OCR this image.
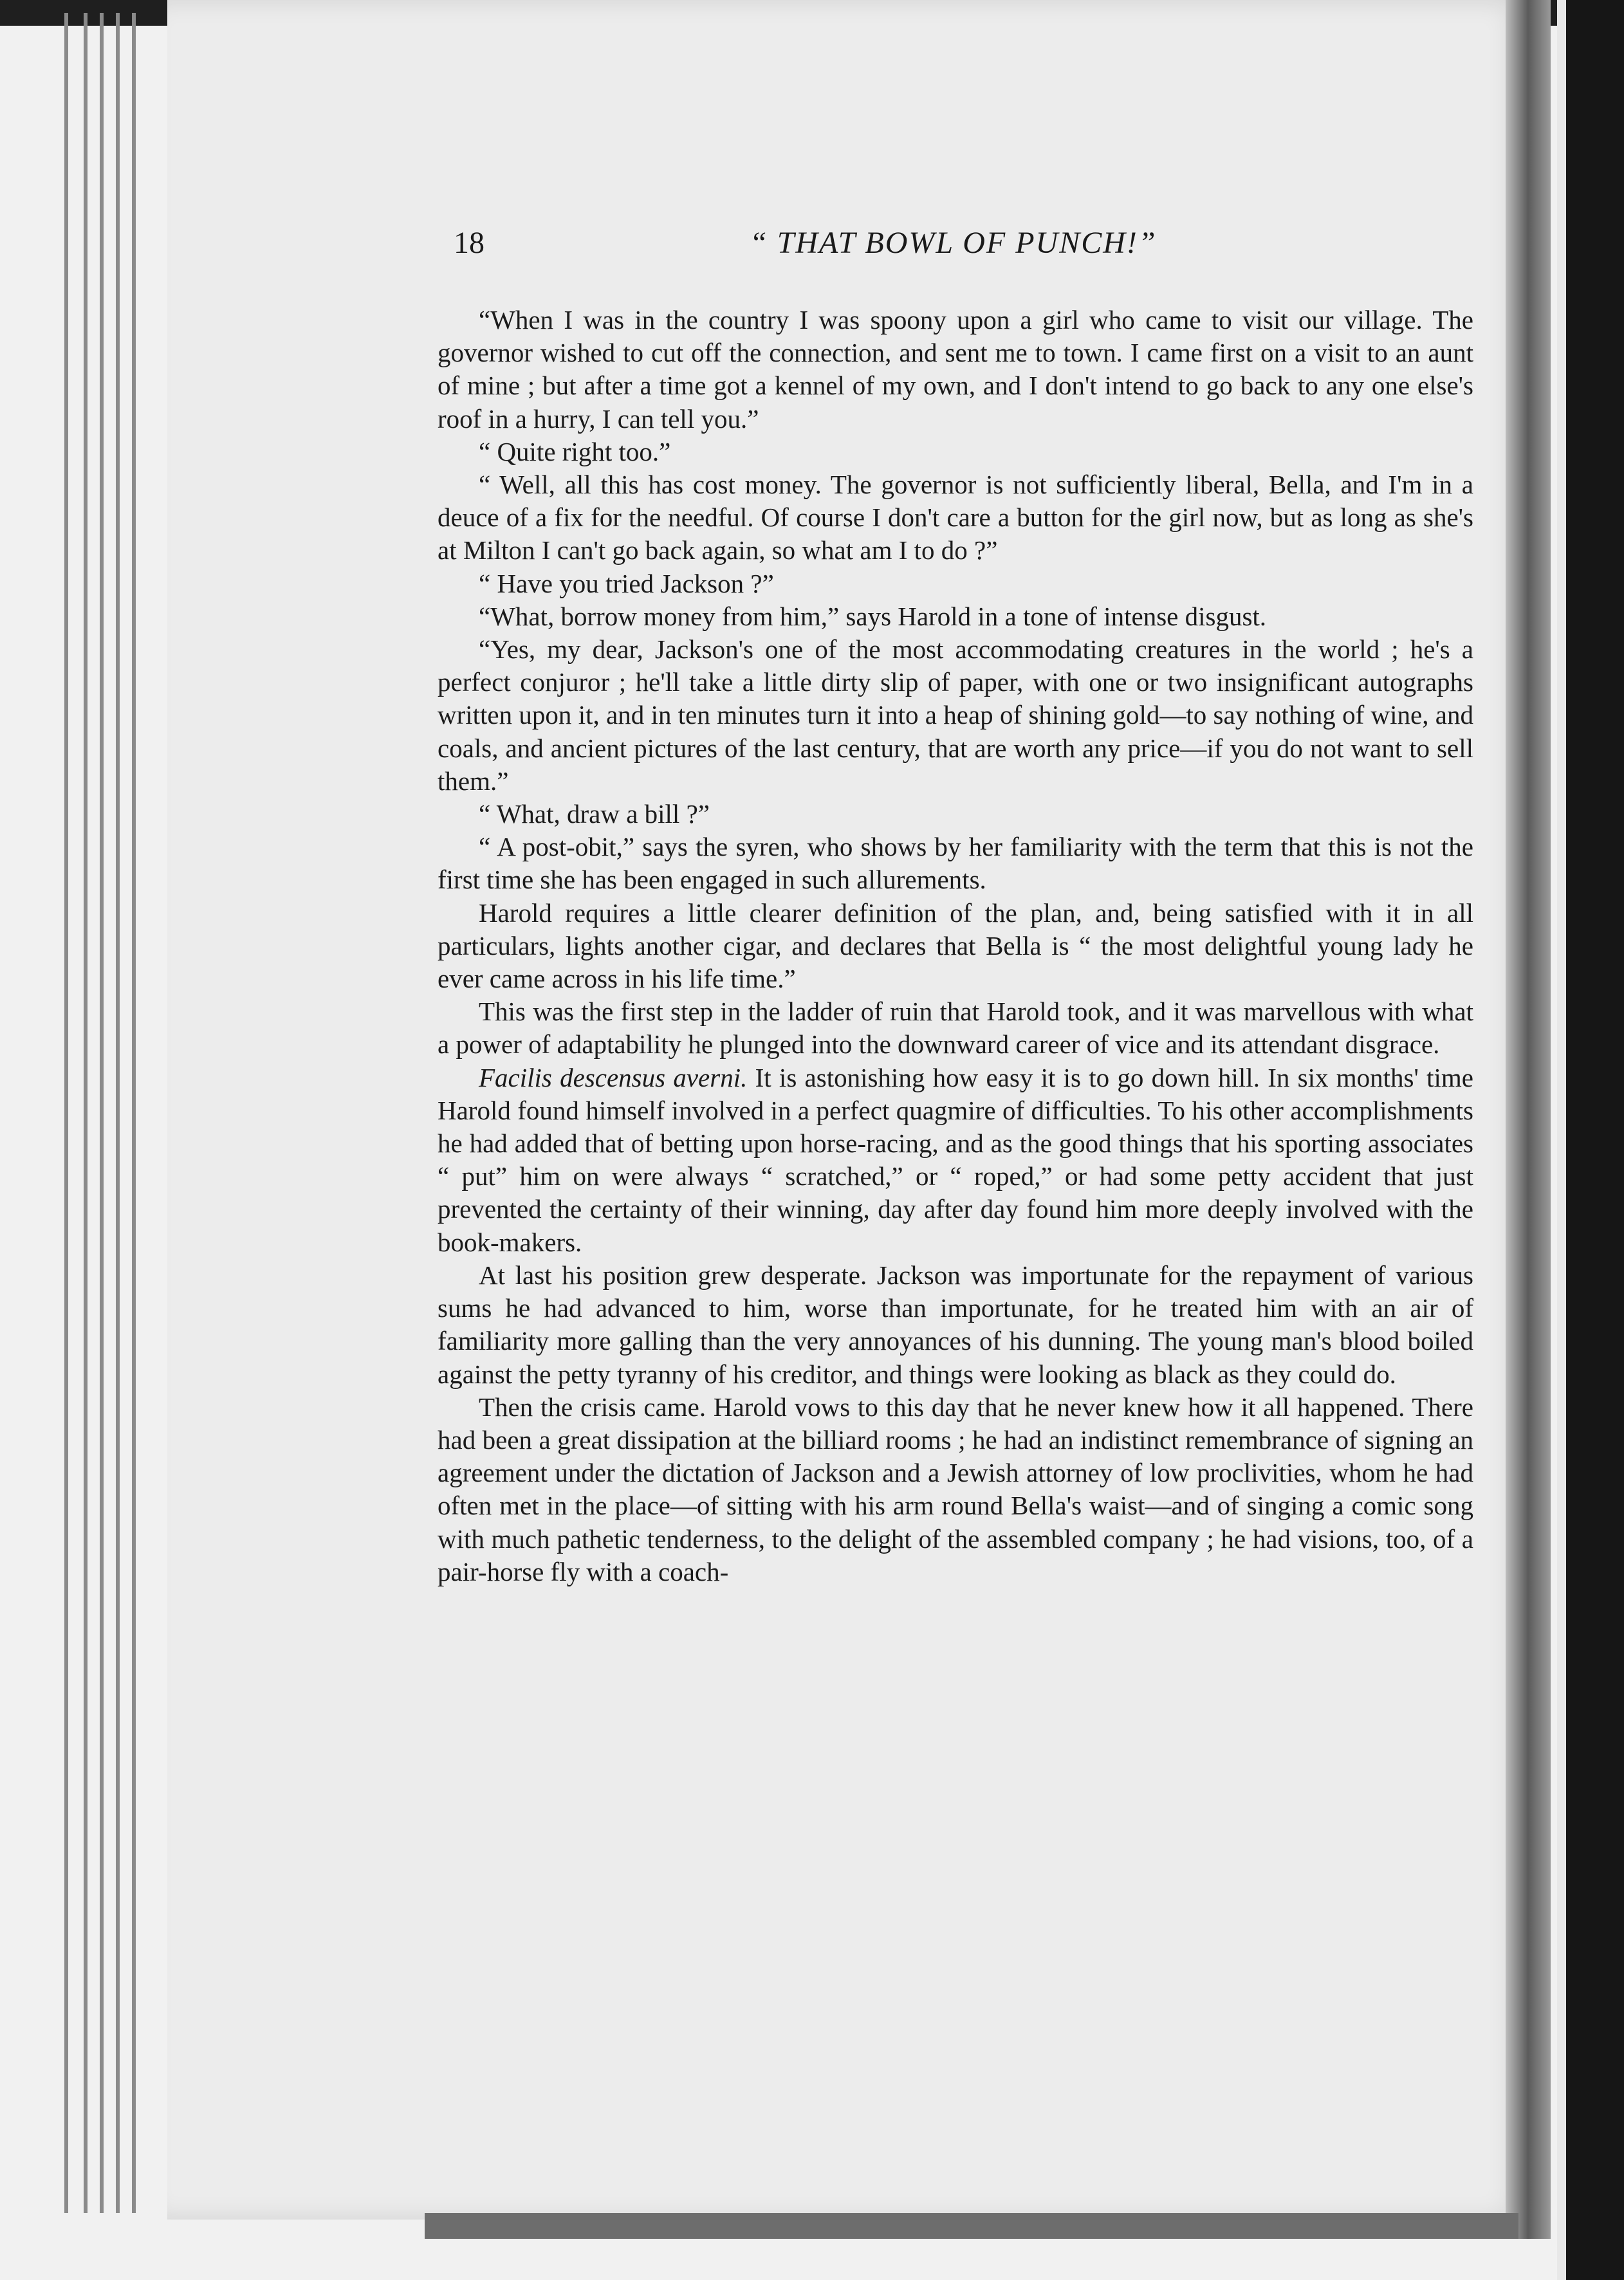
18	“ THAT BOWL OF PUNCH!”

“When I was in the country I was spoony upon a girl who came to visit our village. The governor wished to cut off the connection, and sent me to town. I came first on a visit to an aunt of mine ; but after a time got a kennel of my own, and I don't intend to go back to any one else's roof in a hurry, I can tell you.”

“ Quite right too.”

“ Well, all this has cost money. The governor is not sufficiently liberal, Bella, and I'm in a deuce of a fix for the needful. Of course I don't care a button for the girl now, but as long as she's at Milton I can't go back again, so what am I to do ?”

“ Have you tried Jackson ?”

“What, borrow money from him,” says Harold in a tone of intense disgust.

“Yes, my dear, Jackson's one of the most accommodating creatures in the world ; he's a perfect conjuror ; he'll take a little dirty slip of paper, with one or two insignificant autographs written upon it, and in ten minutes turn it into a heap of shining gold—to say nothing of wine, and coals, and ancient pictures of the last century, that are worth any price—if you do not want to sell them.”

“ What, draw a bill ?”

“ A post-obit,” says the syren, who shows by her familiarity with the term that this is not the first time she has been engaged in such allurements.

Harold requires a little clearer definition of the plan, and, being satisfied with it in all particulars, lights another cigar, and declares that Bella is “ the most delightful young lady he ever came across in his life time.”

This was the first step in the ladder of ruin that Harold took, and it was marvellous with what a power of adaptability he plunged into the downward career of vice and its attendant disgrace.

Facilis descensus averni. It is astonishing how easy it is to go down hill. In six months' time Harold found himself involved in a perfect quagmire of difficulties. To his other accomplishments he had added that of betting upon horse-racing, and as the good things that his sporting associates “ put” him on were always “ scratched,” or “ roped,” or had some petty accident that just prevented the certainty of their winning, day after day found him more deeply involved with the book-makers.

At last his position grew desperate. Jackson was importunate for the repayment of various sums he had advanced to him, worse than importunate, for he treated him with an air of familiarity more galling than the very annoyances of his dunning. The young man's blood boiled against the petty tyranny of his creditor, and things were looking as black as they could do.

Then the crisis came. Harold vows to this day that he never knew how it all happened. There had been a great dissipation at the billiard rooms ; he had an indistinct remembrance of signing an agreement under the dictation of Jackson and a Jewish attorney of low proclivities, whom he had often met in the place—of sitting with his arm round Bella's waist—and of singing a comic song with much pathetic tenderness, to the delight of the assembled company ; he had visions, too, of a pair-horse fly with a coach-
